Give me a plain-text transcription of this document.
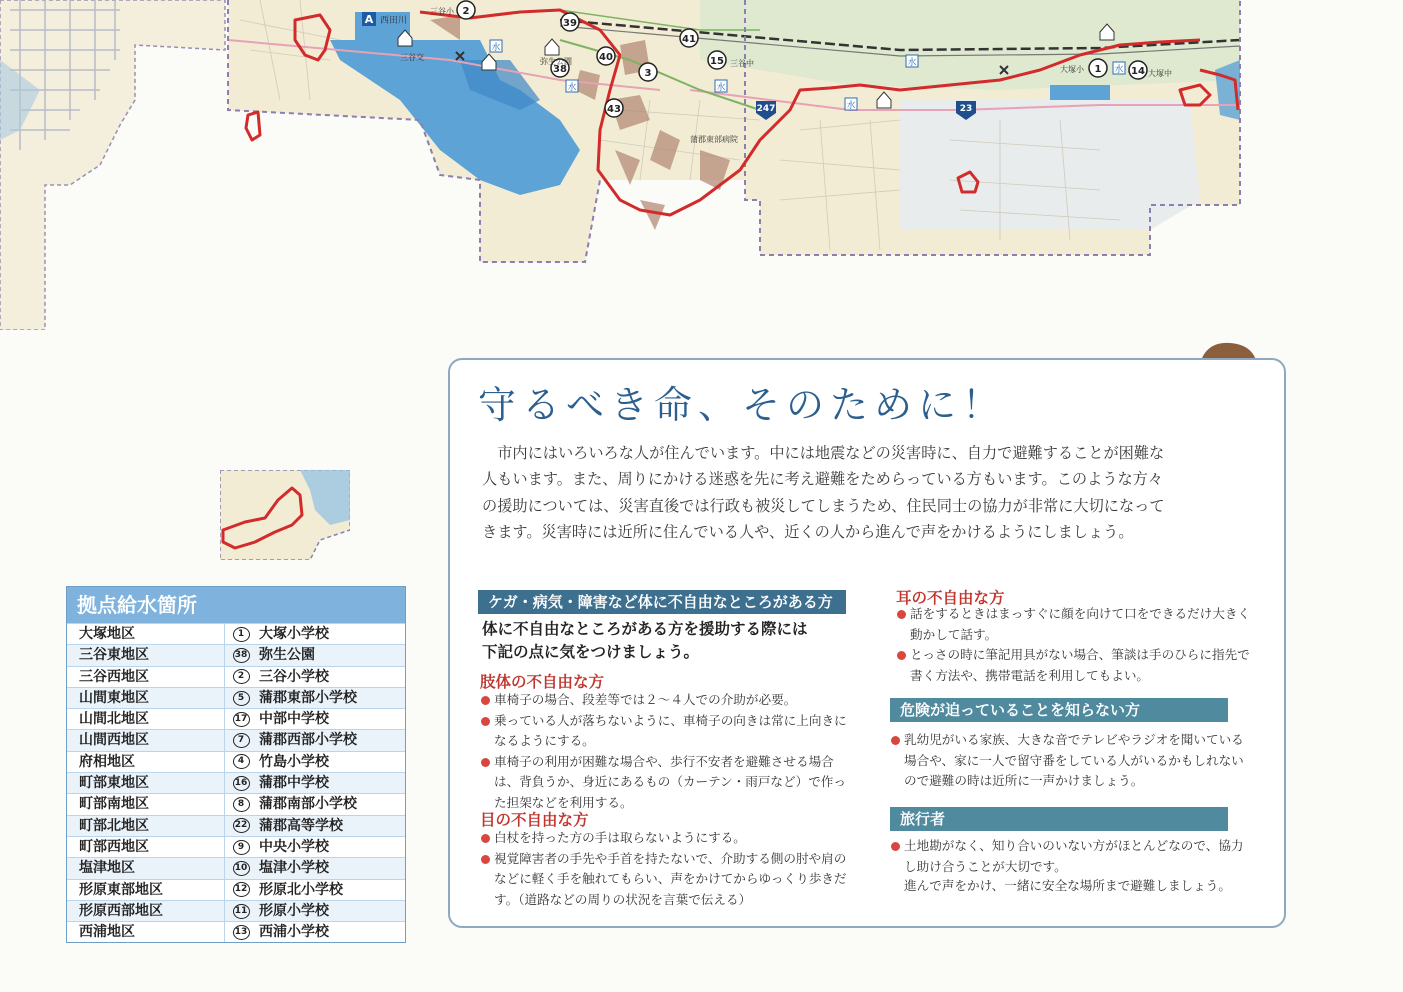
A 西田川
2
39
40
38	3
43
41
15
1	14
247	23
三谷小
三谷交	弥生公園	三谷中
大塚小	大塚中
蒲郡東部病院
水
水	水
水
水
水
拠点給水箇所
大塚地区	1	大塚小学校
三谷東地区	38 弥生公園
三谷西地区	2	三谷小学校
山間東地区	5	蒲郡東部小学校
山間北地区	17 中部中学校
山間西地区	7	蒲郡西部小学校
府相地区	4	竹島小学校
町部東地区	16 蒲郡中学校
町部南地区	8	蒲郡南部小学校
町部北地区	22 蒲郡高等学校
町部西地区	9	中央小学校
塩津地区	10 塩津小学校
形原東部地区	12 形原北小学校
形原西部地区	11 形原小学校
西浦地区	13 西浦小学校
守るべき命、そのために！
市内にはいろいろな人が住んでいます。中には地震などの災害時に、自力で避難することが困難な人もいます。また、周りにかける迷惑を先に考え避難をためらっている方もいます。このような方々の援助については、災害直後では行政も被災してしまうため、住民同士の協力が非常に大切になってきます。災害時には近所に住んでいる人や、近くの人から進んで声をかけるようにしましょう。
ケガ・病気・障害など体に不自由なところがある方
体に不自由なところがある方を援助する際には
下記の点に気をつけましょう。
肢体の不自由な方
車椅子の場合、段差等では２～４人での介助が必要。
乗っている人が落ちないように、車椅子の向きは常に上向きになるようにする。
車椅子の利用が困難な場合や、歩行不安者を避難させる場合は、背負うか、身近にあるもの（カーテン・雨戸など）で作った担架などを利用する。
目の不自由な方
白杖を持った方の手は取らないようにする。
視覚障害者の手先や手首を持たないで、介助する側の肘や肩のなどに軽く手を触れてもらい、声をかけてからゆっくり歩きだす。（道路などの周りの状況を言葉で伝える）
耳の不自由な方
話をするときはまっすぐに顔を向けて口をできるだけ大きく動かして話す。
とっさの時に筆記用具がない場合、筆談は手のひらに指先で書く方法や、携帯電話を利用してもよい。
危険が迫っていることを知らない方
乳幼児がいる家族、大きな音でテレビやラジオを聞いている場合や、家に一人で留守番をしている人がいるかもしれないので避難の時は近所に一声かけましょう。
旅行者
土地勘がなく、知り合いのいない方がほとんどなので、協力し助け合うことが大切です。
進んで声をかけ、一緒に安全な場所まで避難しましょう。
